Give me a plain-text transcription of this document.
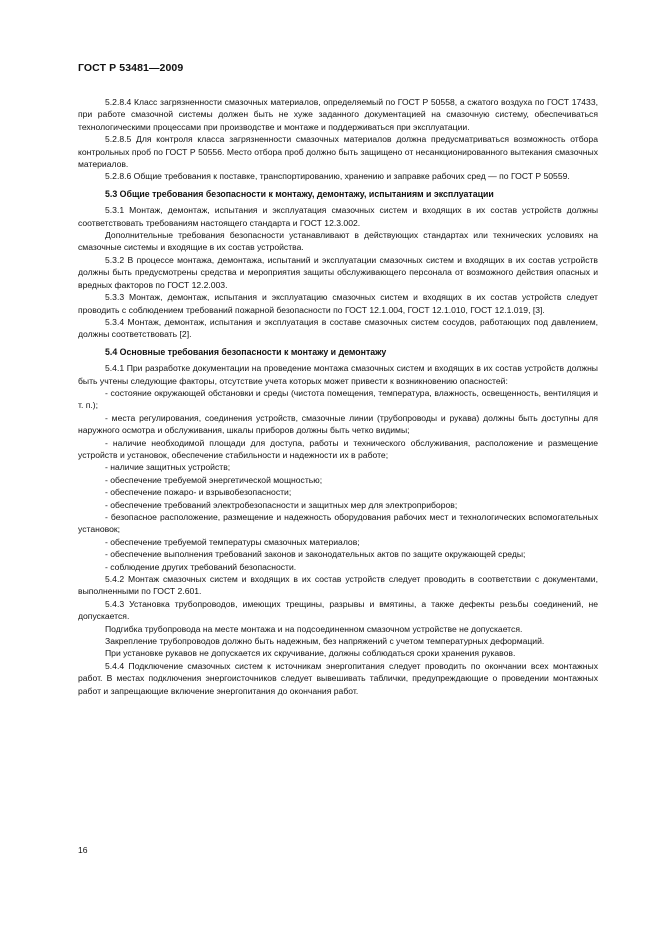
ГОСТ Р 53481—2009

5.2.8.4 Класс загрязненности смазочных материалов, определяемый по ГОСТ Р 50558, а сжатого воздуха по ГОСТ 17433, при работе смазочной системы должен быть не хуже заданного документацией на смазочную систему, обеспечиваться технологическими процессами при производстве и монтаже и поддерживаться при эксплуатации.

5.2.8.5 Для контроля класса загрязненности смазочных материалов должна предусматриваться возможность отбора контрольных проб по ГОСТ Р 50556. Место отбора проб должно быть защищено от несанкционированного вытекания смазочных материалов.

5.2.8.6 Общие требования к поставке, транспортированию, хранению и заправке рабочих сред — по ГОСТ Р 50559.

5.3 Общие требования безопасности к монтажу, демонтажу, испытаниям и эксплуатации

5.3.1 Монтаж, демонтаж, испытания и эксплуатация смазочных систем и входящих в их состав устройств должны соответствовать требованиям настоящего стандарта и ГОСТ 12.3.002.

Дополнительные требования безопасности устанавливают в действующих стандартах или технических условиях на смазочные системы и входящие в их состав устройства.

5.3.2 В процессе монтажа, демонтажа, испытаний и эксплуатации смазочных систем и входящих в их состав устройств должны быть предусмотрены средства и мероприятия защиты обслуживающего персонала от возможного действия опасных и вредных факторов по ГОСТ 12.2.003.

5.3.3 Монтаж, демонтаж, испытания и эксплуатацию смазочных систем и входящих в их состав устройств следует проводить с соблюдением требований пожарной безопасности по ГОСТ 12.1.004, ГОСТ 12.1.010, ГОСТ 12.1.019, [3].

5.3.4 Монтаж, демонтаж, испытания и эксплуатация в составе смазочных систем сосудов, работающих под давлением, должны соответствовать [2].

5.4 Основные требования безопасности к монтажу и демонтажу

5.4.1 При разработке документации на проведение монтажа смазочных систем и входящих в их состав устройств должны быть учтены следующие факторы, отсутствие учета которых может привести к возникновению опасностей:

- состояние окружающей обстановки и среды (чистота помещения, температура, влажность, освещенность, вентиляция и т. п.);

- места регулирования, соединения устройств, смазочные линии (трубопроводы и рукава) должны быть доступны для наружного осмотра и обслуживания, шкалы приборов должны быть четко видимы;

- наличие необходимой площади для доступа, работы и технического обслуживания, расположение и размещение устройств и установок, обеспечение стабильности и надежности их в работе;

- наличие защитных устройств;

- обеспечение требуемой энергетической мощностью;

- обеспечение пожаро- и взрывобезопасности;

- обеспечение требований электробезопасности и защитных мер для электроприборов;

- безопасное расположение, размещение и надежность оборудования рабочих мест и технологических вспомогательных установок;

- обеспечение требуемой температуры смазочных материалов;

- обеспечение выполнения требований законов и законодательных актов по защите окружающей среды;

- соблюдение других требований безопасности.

5.4.2 Монтаж смазочных систем и входящих в их состав устройств следует проводить в соответствии с документами, выполненными по ГОСТ 2.601.

5.4.3 Установка трубопроводов, имеющих трещины, разрывы и вмятины, а также дефекты резьбы соединений, не допускается.

Подгибка трубопровода на месте монтажа и на подсоединенном смазочном устройстве не допускается.

Закрепление трубопроводов должно быть надежным, без напряжений с учетом температурных деформаций.

При установке рукавов не допускается их скручивание, должны соблюдаться сроки хранения рукавов.

5.4.4 Подключение смазочных систем к источникам энергопитания следует проводить по окончании всех монтажных работ. В местах подключения энергоисточников следует вывешивать таблички, предупреждающие о проведении монтажных работ и запрещающие включение энергопитания до окончания работ.

16
